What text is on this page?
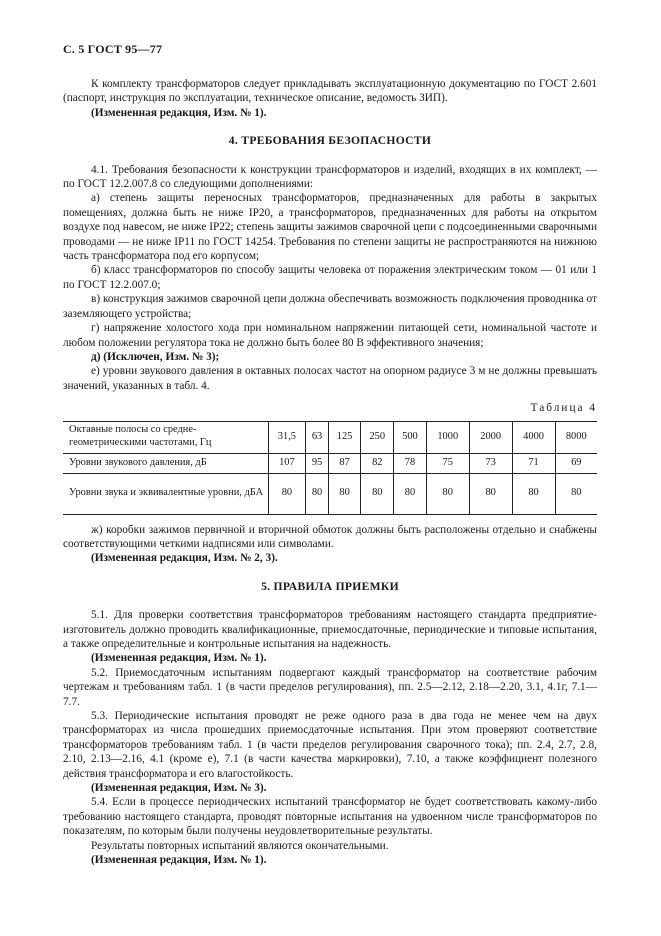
С. 5 ГОСТ 95—77

К комплекту трансформаторов следует прикладывать эксплуатационную документацию по ГОСТ 2.601 (паспорт, инструкция по эксплуатации, техническое описание, ведомость ЗИП).

(Измененная редакция, Изм. № 1).

4. ТРЕБОВАНИЯ БЕЗОПАСНОСТИ

4.1. Требования безопасности к конструкции трансформаторов и изделий, входящих в их комплект, — по ГОСТ 12.2.007.8 со следующими дополнениями:

а) степень защиты переносных трансформаторов, предназначенных для работы в закрытых помещениях, должна быть не ниже IP20, а трансформаторов, предназначенных для работы на открытом воздухе под навесом, не ниже IP22; степень защиты зажимов сварочной цепи с подсоединенными сварочными проводами — не ниже IP11 по ГОСТ 14254. Требования по степени защиты не распространяются на нижнюю часть трансформатора под его корпусом;

б) класс трансформаторов по способу защиты человека от поражения электрическим током — 01 или 1 по ГОСТ 12.2.007.0;

в) конструкция зажимов сварочной цепи должна обеспечивать возможность подключения проводника от заземляющего устройства;

г) напряжение холостого хода при номинальном напряжении питающей сети, номинальной частоте и любом положении регулятора тока не должно быть более 80 В эффективного значения;

д) (Исключен, Изм. № 3);

е) уровни звукового давления в октавных полосах частот на опорном радиусе 3 м не должны превышать значений, указанных в табл. 4.

Таблица 4

Октавные полосы со средне-геометрическими частотами, Гц	31,5	63	125	250	500	1000	2000	4000	8000
Уровни звукового давления, дБ	107	95	87	82	78	75	73	71	69
Уровни звука и эквивалентные уровни, дБА	80	80	80	80	80	80	80	80	80

ж) коробки зажимов первичной и вторичной обмоток должны быть расположены отдельно и снабжены соответствующими четкими надписями или символами.

(Измененная редакция, Изм. № 2, 3).

5. ПРАВИЛА ПРИЕМКИ

5.1. Для проверки соответствия трансформаторов требованиям настоящего стандарта предприятие-изготовитель должно проводить квалификационные, приемосдаточные, периодические и типовые испытания, а также определительные и контрольные испытания на надежность.

(Измененная редакция, Изм. № 1).

5.2. Приемосдаточным испытаниям подвергают каждый трансформатор на соответствие рабочим чертежам и требованиям табл. 1 (в части пределов регулирования), пп. 2.5—2.12, 2.18—2.20, 3.1, 4.1г, 7.1—7.7.

5.3. Периодические испытания проводят не реже одного раза в два года не менее чем на двух трансформаторах из числа прошедших приемосдаточные испытания. При этом проверяют соответствие трансформаторов требованиям табл. 1 (в части пределов регулирования сварочного тока); пп. 2.4, 2.7, 2.8, 2.10, 2.13—2.16, 4.1 (кроме е), 7.1 (в части качества маркировки), 7.10, а также коэффициент полезного действия трансформатора и его влагостойкость.

(Измененная редакция, Изм. № 3).

5.4. Если в процессе периодических испытаний трансформатор не будет соответствовать какому-либо требованию настоящего стандарта, проводят повторные испытания на удвоенном числе трансформаторов по показателям, по которым были получены неудовлетворительные результаты.

Результаты повторных испытаний являются окончательными.

(Измененная редакция, Изм. № 1).
